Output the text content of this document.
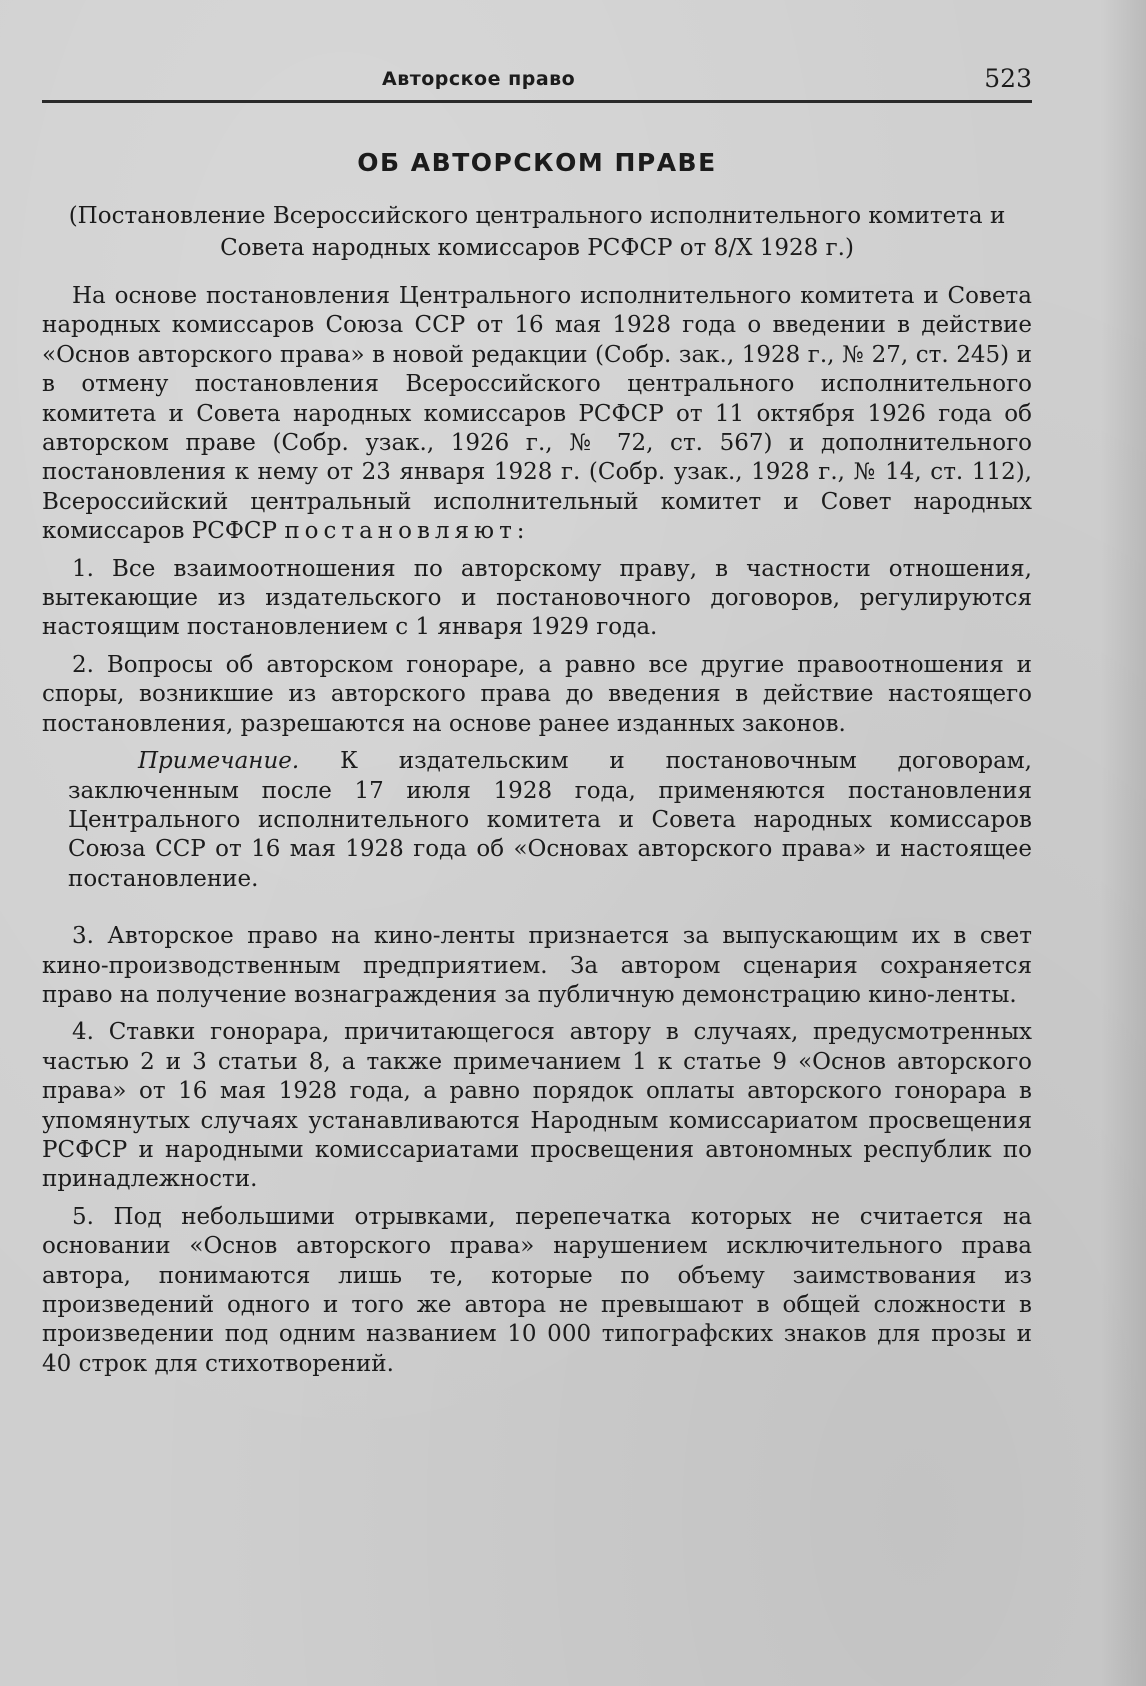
Авторское право	523
ОБ АВТОРСКОМ ПРАВЕ
(Постановление Всероссийского центрального исполнительного комитета и Совета народных комиссаров РСФСР от 8/X 1928 г.)

На основе постановления Центрального исполнительного комитета и Совета народных комиссаров Союза ССР от 16 мая 1928 года о введении в действие «Основ авторского права» в новой редакции (Собр. зак., 1928 г., № 27, ст. 245) и в отмену постановления Всероссийского центрального исполнительного комитета и Совета народных комиссаров РСФСР от 11 октября 1926 года об авторском праве (Собр. узак., 1926 г., № 72, ст. 567) и дополнительного постановления к нему от 23 января 1928 г. (Собр. узак., 1928 г., № 14, ст. 112), Всероссийский центральный исполнительный комитет и Совет народных комиссаров РСФСР постановляют:

1. Все взаимоотношения по авторскому праву, в частности отношения, вытекающие из издательского и постановочного договоров, регулируются настоящим постановлением с 1 января 1929 года.

2. Вопросы об авторском гонораре, а равно все другие правоотношения и споры, возникшие из авторского права до введения в действие настоящего постановления, разрешаются на основе ранее изданных законов.

Примечание. К издательским и постановочным договорам, заключенным после 17 июля 1928 года, применяются постановления Центрального исполнительного комитета и Совета народных комиссаров Союза ССР от 16 мая 1928 года об «Основах авторского права» и настоящее постановление.

3. Авторское право на кино-ленты признается за выпускающим их в свет кино-производственным предприятием. За автором сценария сохраняется право на получение вознаграждения за публичную демонстрацию кино-ленты.

4. Ставки гонорара, причитающегося автору в случаях, предусмотренных частью 2 и 3 статьи 8, а также примечанием 1 к статье 9 «Основ авторского права» от 16 мая 1928 года, а равно порядок оплаты авторского гонорара в упомянутых случаях устанавливаются Народным комиссариатом просвещения РСФСР и народными комиссариатами просвещения автономных республик по принадлежности.

5. Под небольшими отрывками, перепечатка которых не считается на основании «Основ авторского права» нарушением исключительного права автора, понимаются лишь те, которые по объему заимствования из произведений одного и того же автора не превышают в общей сложности в произведении под одним названием 10 000 типографских знаков для прозы и 40 строк для стихотворений.
